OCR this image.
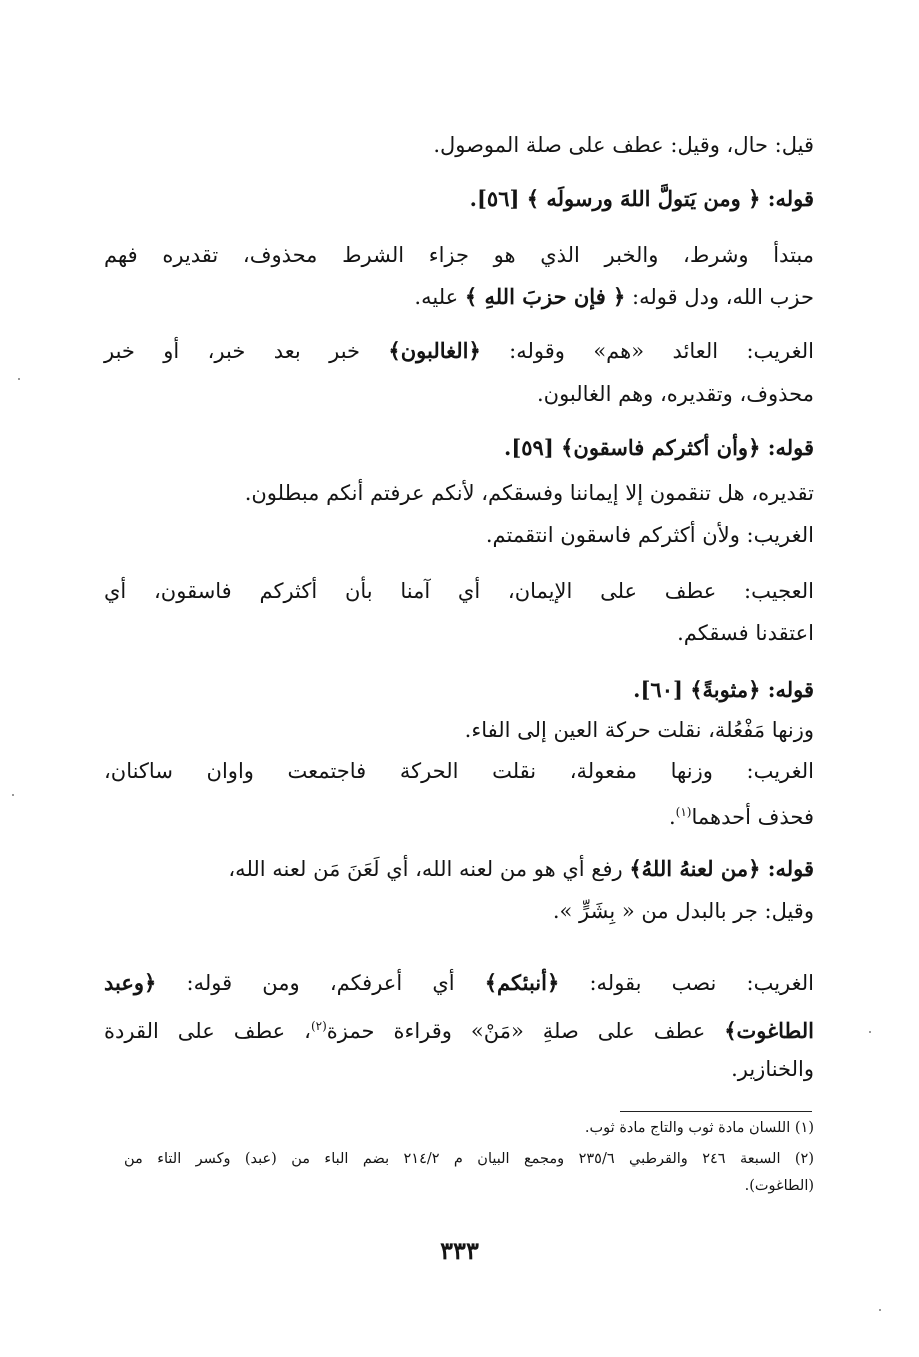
قيل: حال، وقيل: عطف على صلة الموصول.
قوله: ﴿ ومن يَتولَّ اللهَ ورسولَه ﴾ [٥٦].
مبتدأ وشرط، والخبر الذي هو جزاء الشرط محذوف، تقديره فهم
حزب الله، ودل قوله: ﴿ فإن حزبَ اللهِ ﴾ عليه.
الغريب: العائد «هم» وقوله: ﴿الغالبون﴾ خبر بعد خبر، أو خبر
محذوف، وتقديره، وهم الغالبون.
قوله: ﴿وأن أكثركم فاسقون﴾ [٥٩].
تقديره، هل تنقمون إلا إيماننا وفسقكم، لأنكم عرفتم أنكم مبطلون.
الغريب: ولأن أكثركم فاسقون انتقمتم.
العجيب: عطف على الإيمان، أي آمنا بأن أكثركم فاسقون، أي
اعتقدنا فسقكم.
قوله: ﴿مثوبةً﴾ [٦٠].
وزنها مَفْعُلة، نقلت حركة العين إلى الفاء.
الغريب: وزنها مفعولة، نقلت الحركة فاجتمعت واوان ساكنان،
فحذف أحدهما$^{(١)}$.
قوله: ﴿من لعنهُ اللهُ﴾ رفع أي هو من لعنه الله، أي لَعَنَ مَن لعنه الله،
وقيل: جر بالبدل من « بِشَرٍّ ».
الغريب: نصب بقوله: ﴿أنبئكم﴾ أي أعرفكم، ومن قوله: ﴿وعبد
الطاغوت﴾ عطف على صلةِ «مَنْ» وقراءة حمزة$^{(٢)}$، عطف على القردة
والخنازير.
(١) اللسان مادة ثوب والتاج مادة ثوب.
(٢) السبعة ٢٤٦ والقرطبي ٢٣٥/٦ ومجمع البيان م ٢١٤/٢ بضم الباء من (عبد) وكسر التاء من
(الطاغوت).
٣٣٣
